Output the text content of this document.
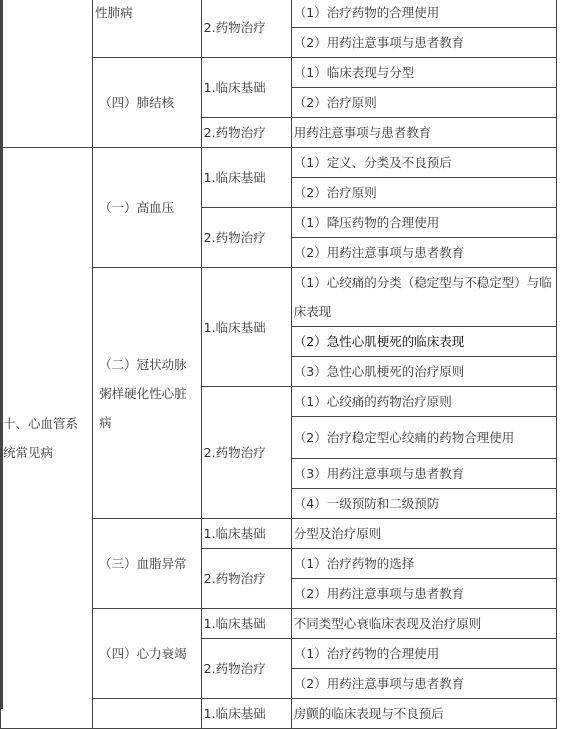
	性肺病	2.药物治疗	（1）治疗药物的合理使用
			（2）用药注意事项与患者教育
	（四）肺结核	1.临床基础	（1）临床表现与分型
			（2）治疗原则
		2.药物治疗	用药注意事项与患者教育
十、心血管系统常见病	（一）高血压	1.临床基础	（1）定义、分类及不良预后
			（2）治疗原则
		2.药物治疗	（1）降压药物的合理使用
			（2）用药注意事项与患者教育
	（二）冠状动脉粥样硬化性心脏病	1.临床基础	（1）心绞痛的分类（稳定型与不稳定型）与临床表现
			（2）急性心肌梗死的临床表现
			（3）急性心肌梗死的治疗原则
		2.药物治疗	（1）心绞痛的药物治疗原则
			（2）治疗稳定型心绞痛的药物合理使用
			（3）用药注意事项与患者教育
			（4）一级预防和二级预防
	（三）血脂异常	1.临床基础	分型及治疗原则
		2.药物治疗	（1）治疗药物的选择
			（2）用药注意事项与患者教育
	（四）心力衰竭	1.临床基础	不同类型心衰临床表现及治疗原则
		2.药物治疗	（1）治疗药物的合理使用
			（2）用药注意事项与患者教育
		1.临床基础	房颤的临床表现与不良预后
